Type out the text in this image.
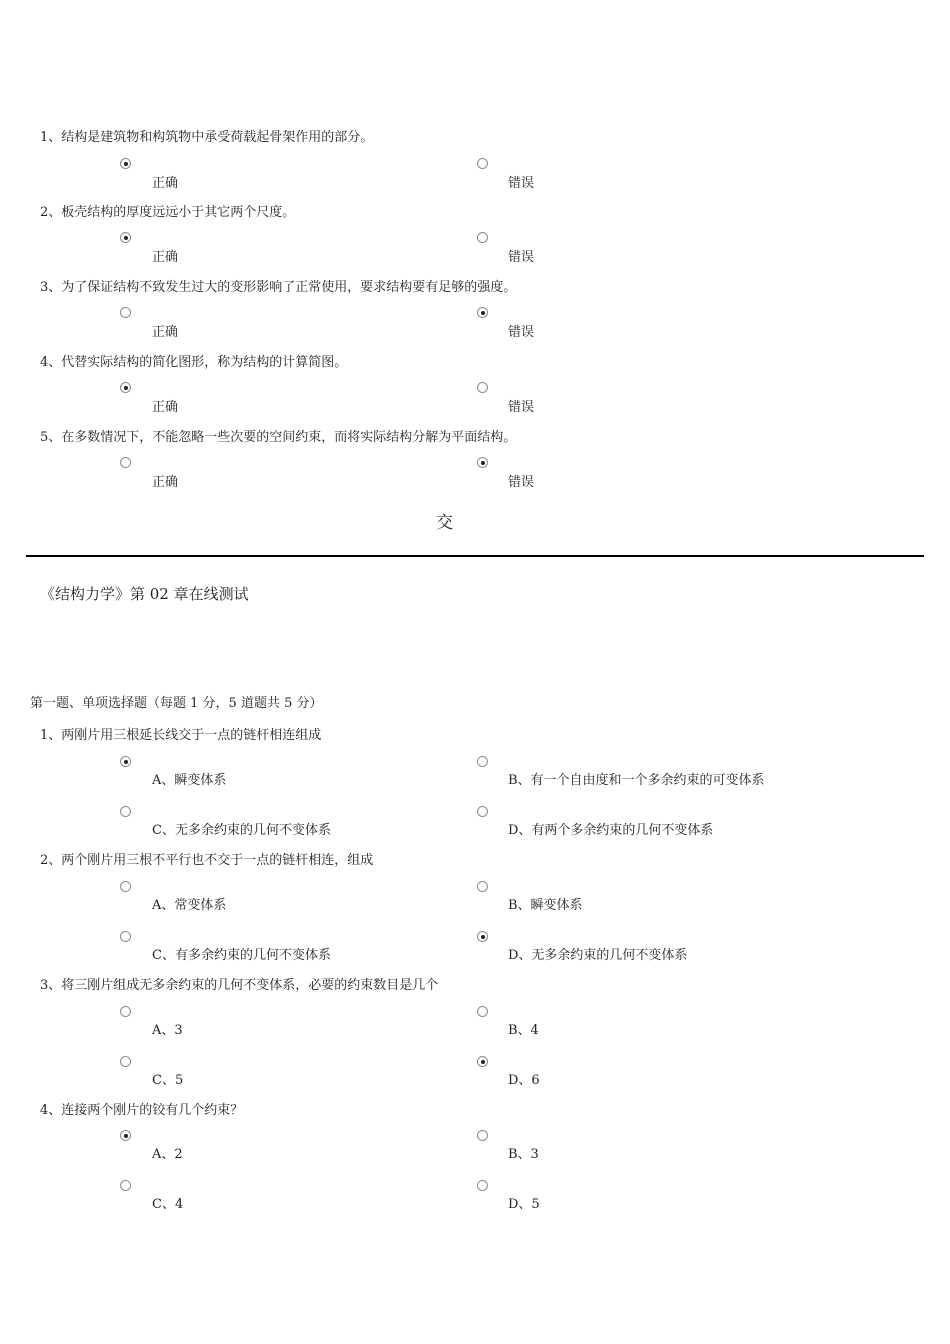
1、结构是建筑物和构筑物中承受荷载起骨架作用的部分。
正确	错误
2、板壳结构的厚度远远小于其它两个尺度。
正确	错误
3、为了保证结构不致发生过大的变形影响了正常使用，要求结构要有足够的强度。
正确	错误
4、代替实际结构的简化图形，称为结构的计算简图。
正确	错误
5、在多数情况下，不能忽略一些次要的空间约束，而将实际结构分解为平面结构。
正确	错误
交
《结构力学》第 02 章在线测试
第一题、单项选择题（每题 1 分，5 道题共 5 分）
1、两刚片用三根延长线交于一点的链杆相连组成
A、瞬变体系	B、有一个自由度和一个多余约束的可变体系
C、无多余约束的几何不变体系	D、有两个多余约束的几何不变体系
2、两个刚片用三根不平行也不交于一点的链杆相连，组成
A、常变体系	B、瞬变体系
C、有多余约束的几何不变体系	D、无多余约束的几何不变体系
3、将三刚片组成无多余约束的几何不变体系，必要的约束数目是几个
A、3	B、4
C、5	D、6
4、连接两个刚片的铰有几个约束？
A、2	B、3
C、4	D、5
